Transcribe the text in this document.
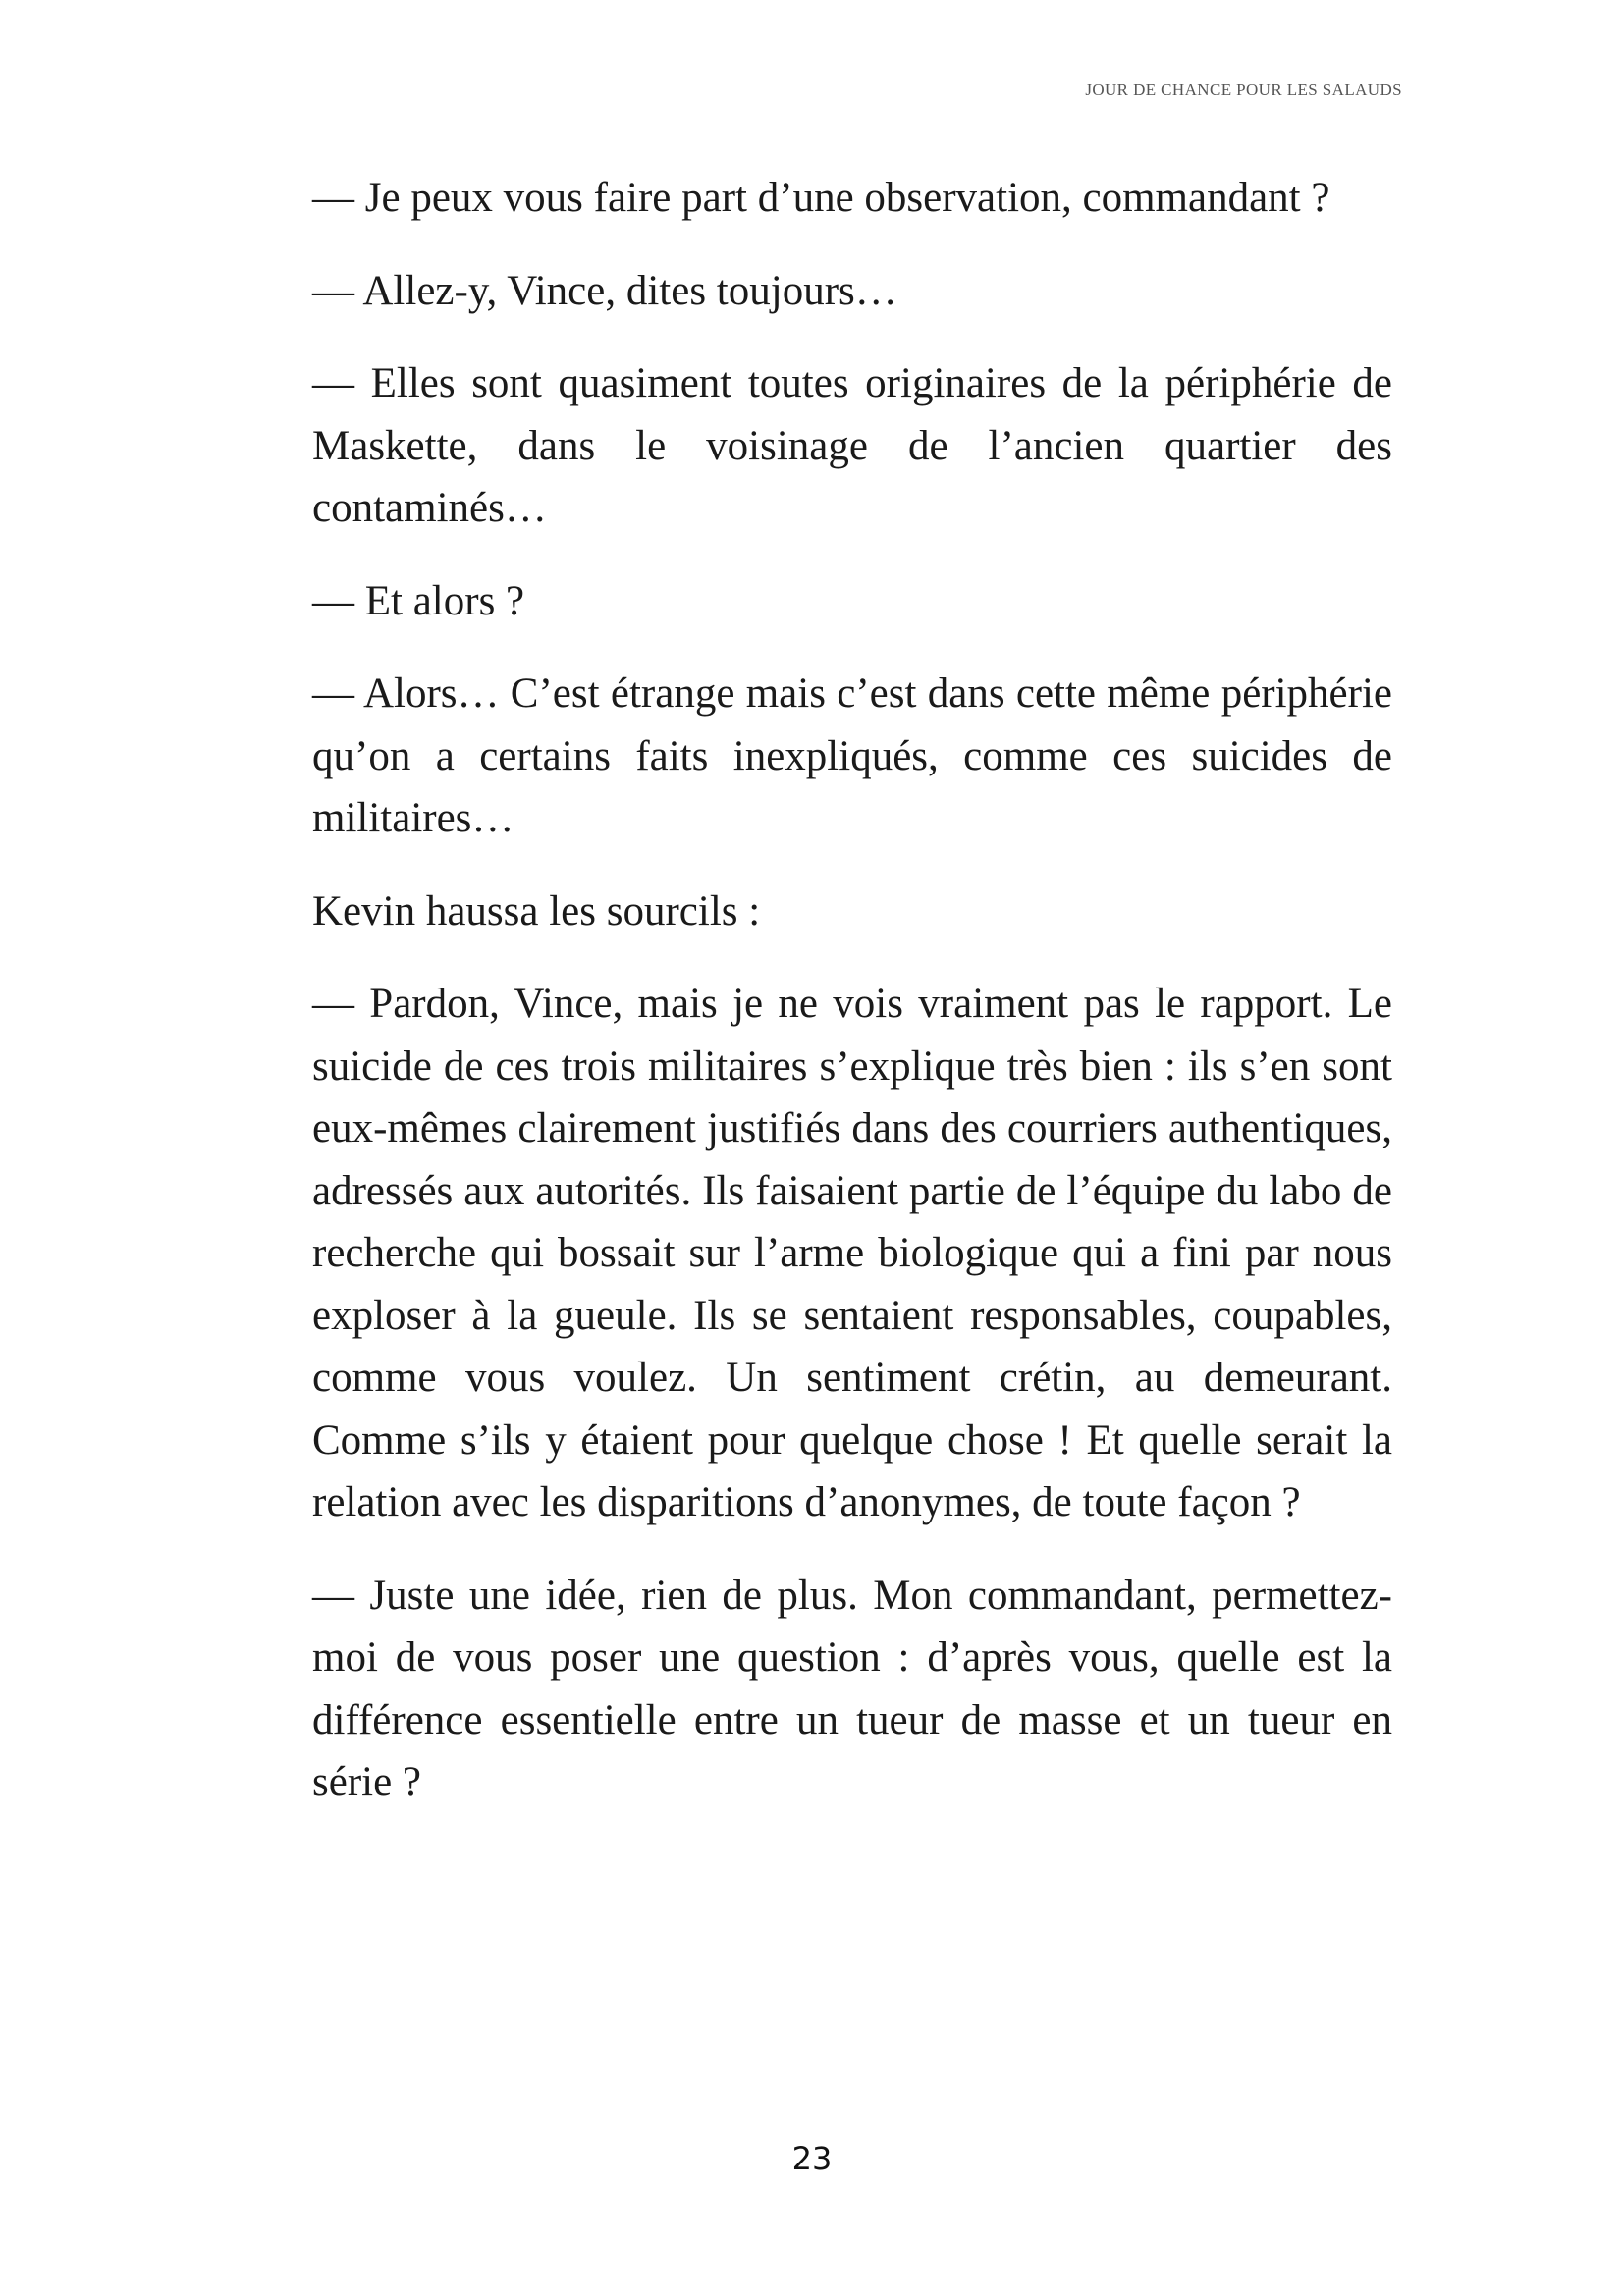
JOUR DE CHANCE POUR LES SALAUDS

— Je peux vous faire part d’une observation, commandant ?

— Allez-y, Vince, dites toujours…

— Elles sont quasiment toutes originaires de la périphérie de Maskette, dans le voisinage de l’ancien quartier des contaminés…

— Et alors ?

— Alors… C’est étrange mais c’est dans cette même périphérie qu’on a certains faits inexpliqués, comme ces suicides de militaires…

Kevin haussa les sourcils :

— Pardon, Vince, mais je ne vois vraiment pas le rapport. Le suicide de ces trois militaires s’explique très bien : ils s’en sont eux-mêmes clairement justifiés dans des courriers authentiques, adressés aux autorités. Ils faisaient partie de l’équipe du labo de recherche qui bossait sur l’arme biologique qui a fini par nous exploser à la gueule. Ils se sentaient responsables, coupables, comme vous voulez. Un sentiment crétin, au demeurant. Comme s’ils y étaient pour quelque chose ! Et quelle serait la relation avec les disparitions d’anonymes, de toute façon ?

— Juste une idée, rien de plus. Mon commandant, permettez-moi de vous poser une question : d’après vous, quelle est la différence essentielle entre un tueur de masse et un tueur en série ?

23
